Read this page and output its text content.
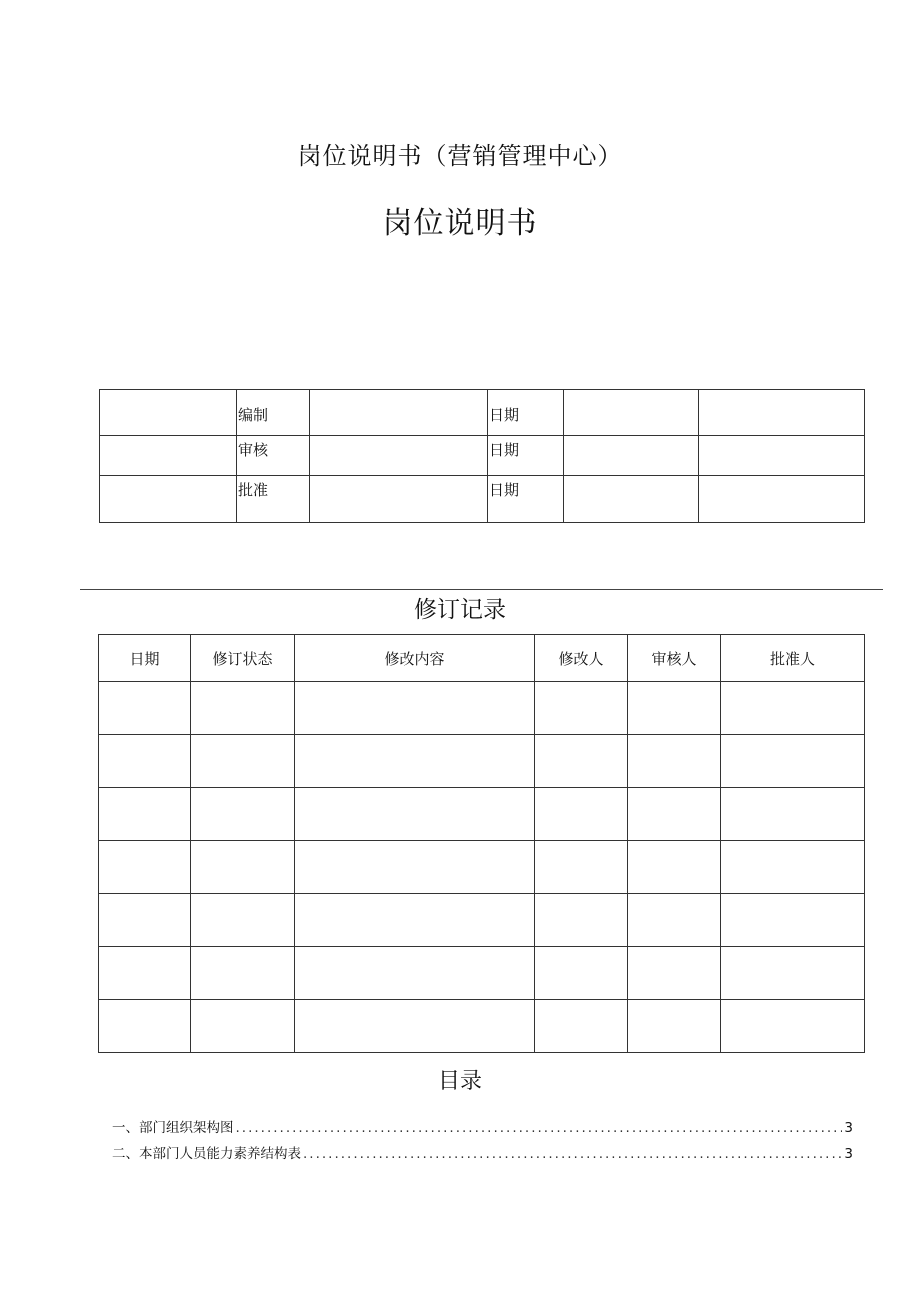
岗位说明书（营销管理中心）
岗位说明书
	编制		日期		
	审核		日期		
	批准		日期		
修订记录
日期	修订状态	修改内容	修改人	审核人	批准人

目录
一、部门组织架构图 .....	3
二、本部门人员能力素养结构表 .....	3
